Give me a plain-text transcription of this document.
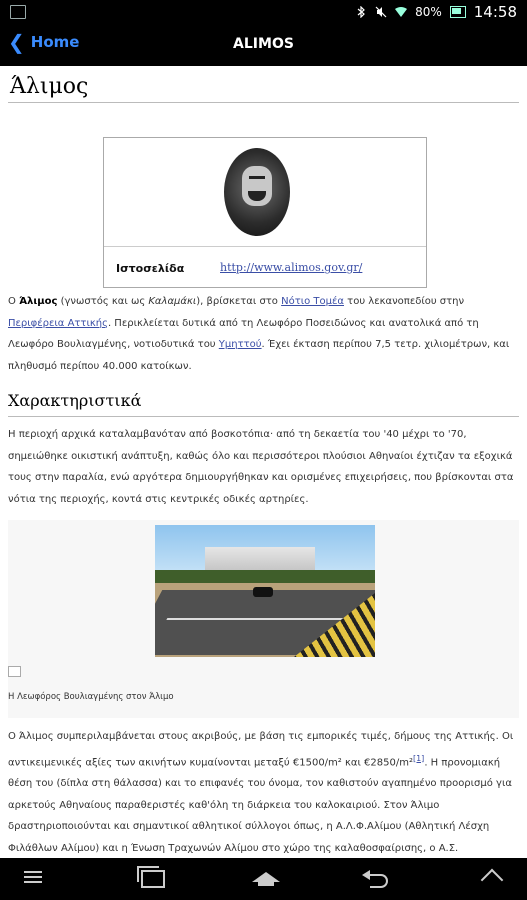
80% 14:58
❮ Home	ALIMOS
Άλιμος
Ιστοσελίδα	http://www.alimos.gov.gr/
Ο Άλιμος (γνωστός και ως Καλαμάκι), βρίσκεται στο Νότιο Τομέα του λεκανοπεδίου στην Περιφέρεια Αττικής. Περικλείεται δυτικά από τη Λεωφόρο Ποσειδώνος και ανατολικά από τη Λεωφόρο Βουλιαγμένης, νοτιοδυτικά του Υμηττού. Έχει έκταση περίπου 7,5 τετρ. χιλιομέτρων, και πληθυσμό περίπου 40.000 κατοίκων.
Χαρακτηριστικά
Η περιοχή αρχικά καταλαμβανόταν από βοσκοτόπια· από τη δεκαετία του '40 μέχρι το '70, σημειώθηκε οικιστική ανάπτυξη, καθώς όλο και περισσότεροι πλούσιοι Αθηναίοι έχτιζαν τα εξοχικά τους στην παραλία, ενώ αργότερα δημιουργήθηκαν και ορισμένες επιχειρήσεις, που βρίσκονται στα νότια της περιοχής, κοντά στις κεντρικές οδικές αρτηρίες.
Η Λεωφόρος Βουλιαγμένης στον Άλιμο
Ο Άλιμος συμπεριλαμβάνεται στους ακριβούς, με βάση τις εμπορικές τιμές, δήμους της Αττικής. Οι αντικειμενικές αξίες των ακινήτων κυμαίνονται μεταξύ €1500/m² και €2850/m²[1]. Η προνομιακή θέση του (δίπλα στη θάλασσα) και το επιφανές του όνομα, τον καθιστούν αγαπημένο προορισμό για αρκετούς Αθηναίους παραθεριστές καθ'όλη τη διάρκεια του καλοκαιριού. Στον Άλιμο δραστηριοποιούνται και σημαντικοί αθλητικοί σύλλογοι όπως, η Α.Λ.Φ.Αλίμου (Αθλητική Λέσχη Φιλάθλων Αλίμου) και η Ένωση Τραχωνών Αλίμου στο χώρο της καλαθοσφαίρισης, ο Α.Σ.
